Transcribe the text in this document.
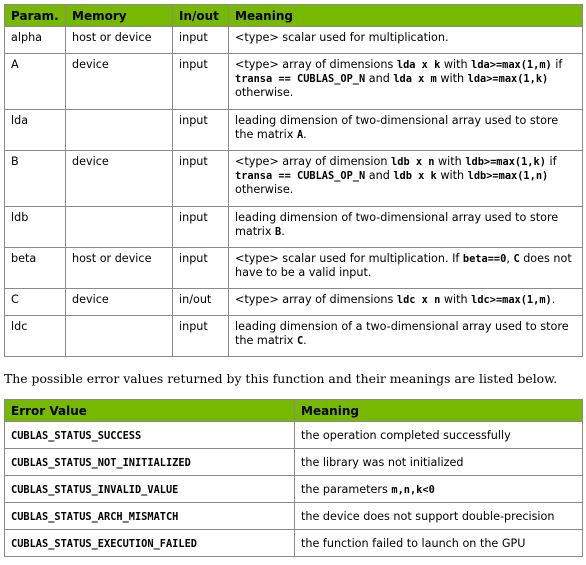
Param.	Memory	In/out	Meaning
alpha	host or device	input	<type> scalar used for multiplication.
A	device	input	<type> array of dimensions lda x k with lda>=max(1,m) if transa == CUBLAS_OP_N and lda x m with lda>=max(1,k) otherwise.
lda		input	leading dimension of two-dimensional array used to store the matrix A.
B	device	input	<type> array of dimension ldb x n with ldb>=max(1,k) if transa == CUBLAS_OP_N and ldb x k with ldb>=max(1,n) otherwise.
ldb		input	leading dimension of two-dimensional array used to store matrix B.
beta	host or device	input	<type> scalar used for multiplication. If beta==0, C does not have to be a valid input.
C	device	in/out	<type> array of dimensions ldc x n with ldc>=max(1,m).
ldc		input	leading dimension of a two-dimensional array used to store the matrix C.
The possible error values returned by this function and their meanings are listed below.
Error Value	Meaning
CUBLAS_STATUS_SUCCESS	the operation completed successfully
CUBLAS_STATUS_NOT_INITIALIZED	the library was not initialized
CUBLAS_STATUS_INVALID_VALUE	the parameters m,n,k<0
CUBLAS_STATUS_ARCH_MISMATCH	the device does not support double-precision
CUBLAS_STATUS_EXECUTION_FAILED	the function failed to launch on the GPU
